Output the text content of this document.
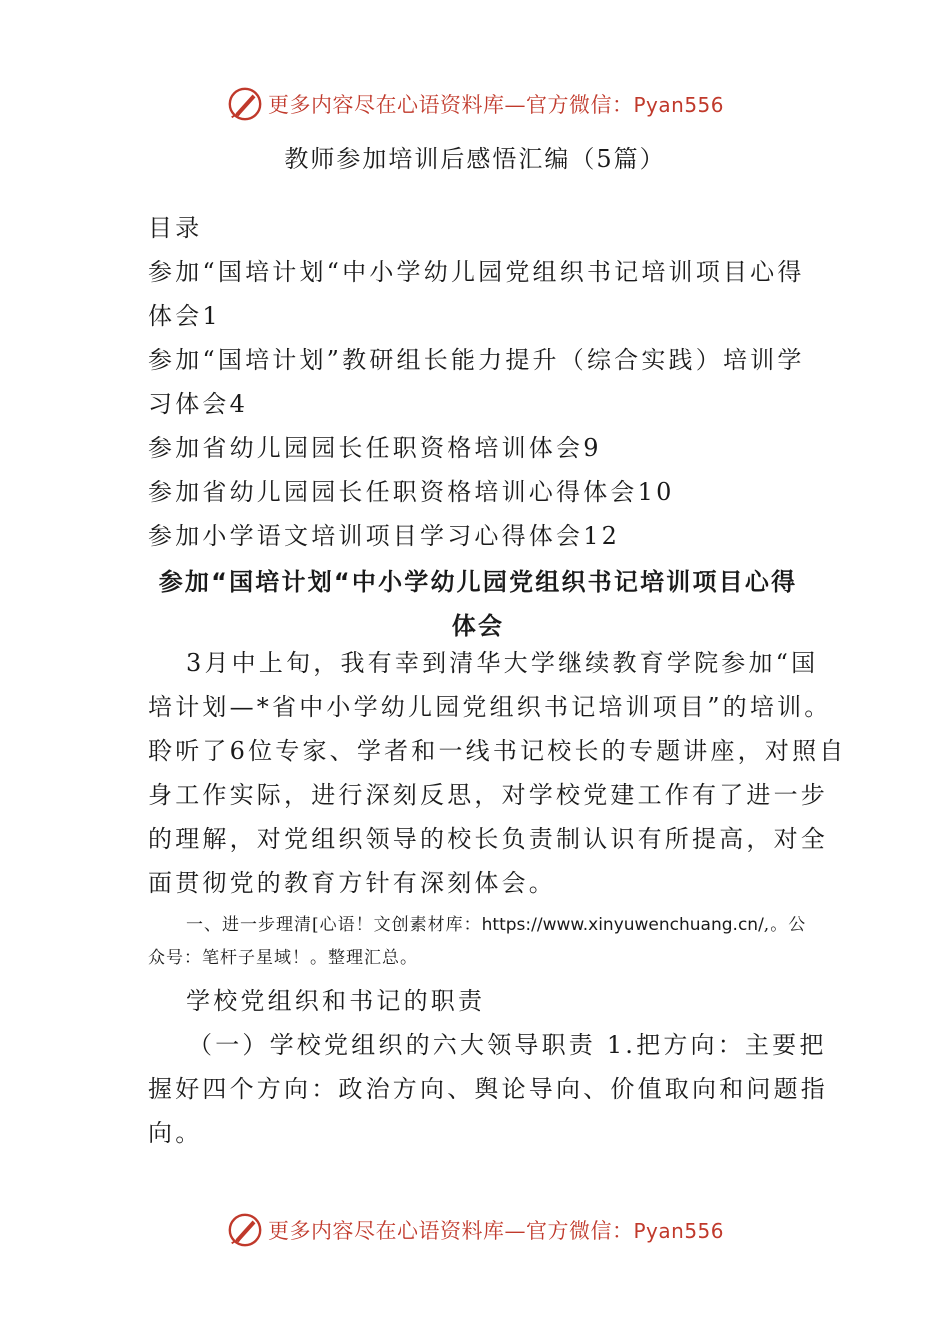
更多内容尽在心语资料库—官方微信：Pyan556
教师参加培训后感悟汇编（5篇）
目录
参加“国培计划“中小学幼儿园党组织书记培训项目心得
体会1
参加“国培计划”教研组长能力提升（综合实践）培训学
习体会4
参加省幼儿园园长任职资格培训体会9
参加省幼儿园园长任职资格培训心得体会10
参加小学语文培训项目学习心得体会12
参加“国培计划“中小学幼儿园党组织书记培训项目心得
体会
3月中上旬，我有幸到清华大学继续教育学院参加“国
培计划—*省中小学幼儿园党组织书记培训项目”的培训。
聆听了6位专家、学者和一线书记校长的专题讲座，对照自
身工作实际，进行深刻反思，对学校党建工作有了进一步
的理解，对党组织领导的校长负责制认识有所提高，对全
面贯彻党的教育方针有深刻体会。
一、进一步理清[心语！文创素材库：https://www.xinyuwenchuang.cn/,。公
众号：笔杆子星域！。整理汇总。
学校党组织和书记的职责
（一）学校党组织的六大领导职责 1.把方向：主要把
握好四个方向：政治方向、舆论导向、价值取向和问题指
向。
更多内容尽在心语资料库—官方微信：Pyan556
